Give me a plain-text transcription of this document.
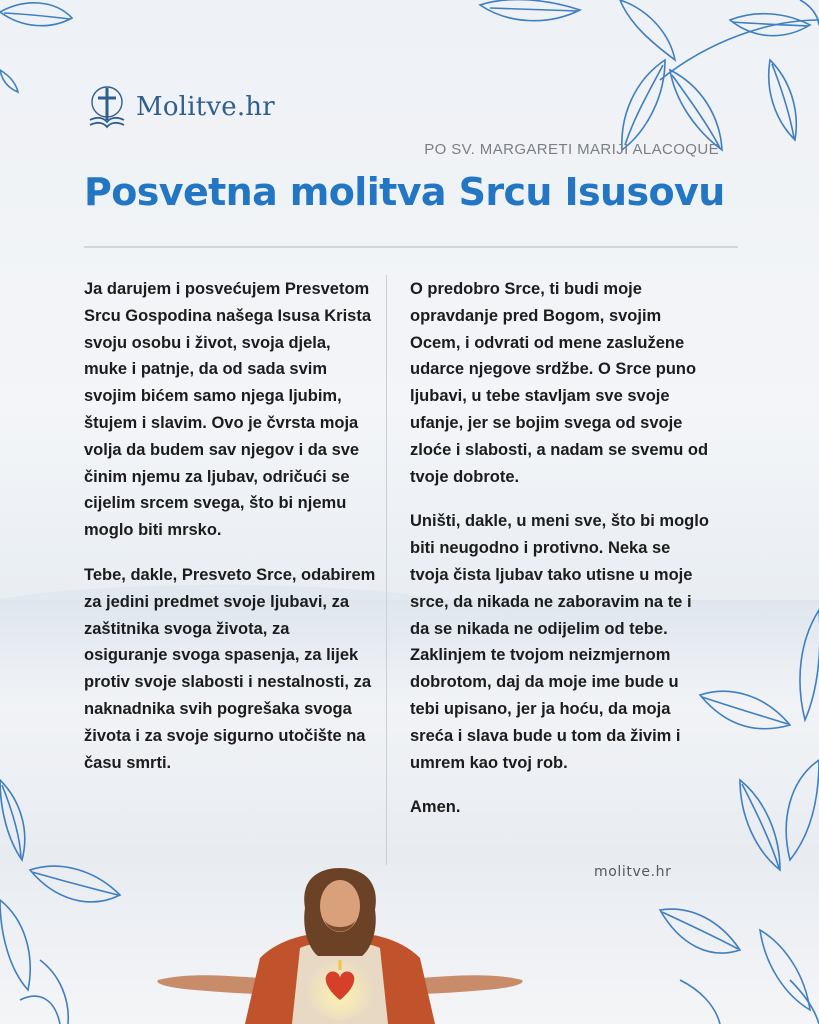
Molitve.hr
PO SV. MARGARETI MARIJI ALACOQUE
Posvetna molitva Srcu Isusovu

Ja darujem i posvećujem Presvetom Srcu Gospodina našega Isusa Krista svoju osobu i život, svoja djela, muke i patnje, da od sada svim svojim bićem samo njega ljubim, štujem i slavim. Ovo je čvrsta moja volja da budem sav njegov i da sve činim njemu za ljubav, odričući se cijelim srcem svega, što bi njemu moglo biti mrsko.

Tebe, dakle, Presveto Srce, odabirem za jedini predmet svoje ljubavi, za zaštitnika svoga života, za osiguranje svoga spasenja, za lijek protiv svoje slabosti i nestalnosti, za naknadnika svih pogrešaka svoga života i za svoje sigurno utočište na času smrti.

O predobro Srce, ti budi moje opravdanje pred Bogom, svojim Ocem, i odvrati od mene zaslužene udarce njegove srdžbe. O Srce puno ljubavi, u tebe stavljam sve svoje ufanje, jer se bojim svega od svoje zloće i slabosti, a nadam se svemu od tvoje dobrote.

Uništi, dakle, u meni sve, što bi moglo biti neugodno i protivno. Neka se tvoja čista ljubav tako utisne u moje srce, da nikada ne zaboravim na te i da se nikada ne odijelim od tebe. Zaklinjem te tvojom neizmjernom dobrotom, daj da moje ime bude u tebi upisano, jer ja hoću, da moja sreća i slava bude u tom da živim i umrem kao tvoj rob.

Amen.

molitve.hr
